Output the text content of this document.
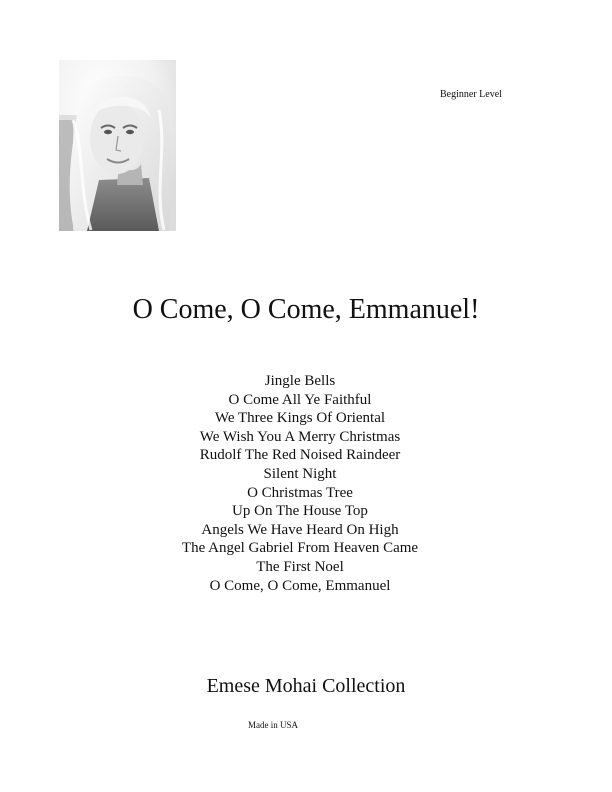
Beginner Level
O Come, O Come, Emmanuel!
Jingle Bells
O Come All Ye Faithful
We Three Kings Of Oriental
We Wish You A Merry Christmas
Rudolf The Red Noised Raindeer
Silent Night
O Christmas Tree
Up On The House Top
Angels We Have Heard On High
The Angel Gabriel From Heaven Came
The First Noel
O Come, O Come, Emmanuel
Emese Mohai Collection
Made in USA
